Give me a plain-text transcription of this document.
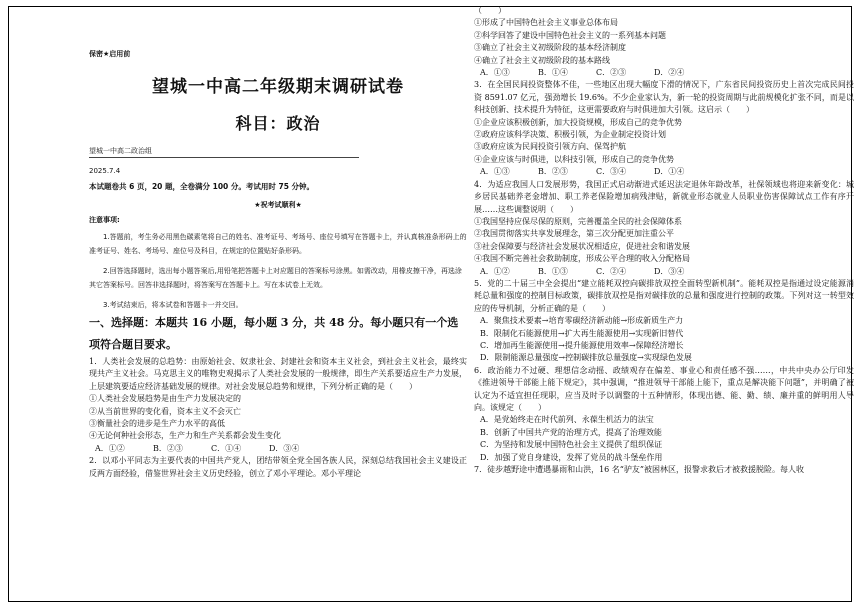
保密★启用前

望城一中高二年级期末调研试卷

科目：政治

望城一中高二政治组

2025.7.4

本试题卷共 6 页，20 题，全卷满分 100 分。考试用时 75 分钟。

★祝考试顺利★

注意事项:

1.答题前，考生务必用黑色碳素笔将自己的姓名、准考证号、考场号、座位号填写在答题卡上，并认真核准条形码上的准考证号、姓名、考场号、座位号及科目，在规定的位置贴好条形码。

2.回答选择题时，选出每小题答案后,用铅笔把答题卡上对应题目的答案标号涂黑。如需改动，用橡皮擦干净，再选涂其它答案标号。回答非选择题时，将答案写在答题卡上。写在本试卷上无效。

3.考试结束后，将本试卷和答题卡一并交回。

一、选择题：本题共 16 小题，每小题 3 分，共 48 分。每小题只有一个选项符合题目要求。

1．人类社会发展的总趋势：由原始社会、奴隶社会、封建社会和资本主义社会，到社会主义社会，最终实现共产主义社会。马克思主义的唯物史观揭示了人类社会发展的一般规律，即生产关系要适应生产力发展，上层建筑要适应经济基础发展的规律。对社会发展总趋势和规律，下列分析正确的是（　　）

①人类社会发展趋势是由生产力发展决定的

②从当前世界的变化看，资本主义不会灭亡

③衡量社会的进步是生产力水平的高低

④无论何种社会形态，生产力和生产关系都会发生变化

A．①②	B．②③	C．①④	D．③④

2．以邓小平同志为主要代表的中国共产党人，团结带领全党全国各族人民，深刻总结我国社会主义建设正反两方面经验，借鉴世界社会主义历史经验，创立了邓小平理论。邓小平理论

（　　）

①形成了中国特色社会主义事业总体布局

②科学回答了建设中国特色社会主义的一系列基本问题

③确立了社会主义初级阶段的基本经济制度

④确立了社会主义初级阶段的基本路线

A．①③	B．①④	C．②③	D．②④

3．在全国民间投资整体不佳，一些地区出现大幅度下滑的情况下，广东省民间投资历史上首次完成民间投资 8591.07 亿元，强劲增长 19.6%。不少企业家认为，新一轮的投资周期与此前规模化扩张不同，而是以科技创新、技术提升为特征，这更需要政府与时俱进加大引领。这启示（　　）

①企业应该积极创新，加大投资规模，形成自己的竞争优势

②政府应该科学决策、积极引领，为企业制定投资计划

③政府应该为民间投资引领方向、保驾护航

④企业应该与时俱进，以科技引领，形成自己的竞争优势

A．①③	B．②③	C．③④	D．①④

4．为适应我国人口发展形势，我国正式启动渐进式延迟法定退休年龄改革，社保领域也将迎来新变化：城乡居民基础养老金增加、职工养老保险增加病残津贴，新就业形态就业人员职业伤害保障试点工作有序开展……这些调整说明（　　）

①我国坚持应保尽保的原则，完善覆盖全民的社会保障体系

②我国贯彻落实共享发展理念，第三次分配更加注重公平

③社会保障要与经济社会发展状况相适应，促进社会和谐发展

④我国不断完善社会救助制度，形成公平合理的收入分配格局

A．①②	B．①③	C．②④	D．③④

5．党的二十届三中全会提出“建立能耗双控向碳排放双控全面转型新机制”。能耗双控是指通过设定能源消耗总量和强度的控制目标政策，碳排放双控是指对碳排放的总量和强度进行控制的政策。下列对这一转型效应的传导机制，分析正确的是（　　）

A．聚焦技术要素→培育零碳经济新动能→形成新质生产力

B．限制化石能源使用→扩大再生能源使用→实现新旧替代

C．增加再生能源使用→提升能源使用效率→保障经济增长

D．限制能源总量强度→控制碳排放总量强度→实现绿色发展

6．政治能力不过硬、理想信念动摇、政绩观存在偏差、事业心和责任感不强……，中共中央办公厅印发《推进领导干部能上能下规定》，其中强调，“推进领导干部能上能下，重点是解决能下问题”，并明确了被认定为不适宜担任现职，应当及时予以调整的十五种情形，体现出德、能、勤、绩、廉并重的鲜明用人导向。该规定（　　）

A．是党始终走在时代前列、永葆生机活力的法宝

B．创新了中国共产党的治理方式，提高了治理效能

C．为坚持和发展中国特色社会主义提供了组织保证

D．加强了党自身建设，发挥了党员的战斗堡垒作用

7．徒步越野途中遭遇暴雨和山洪，16 名“驴友”被困林区，报警求救后才被救援脱险。每人收
